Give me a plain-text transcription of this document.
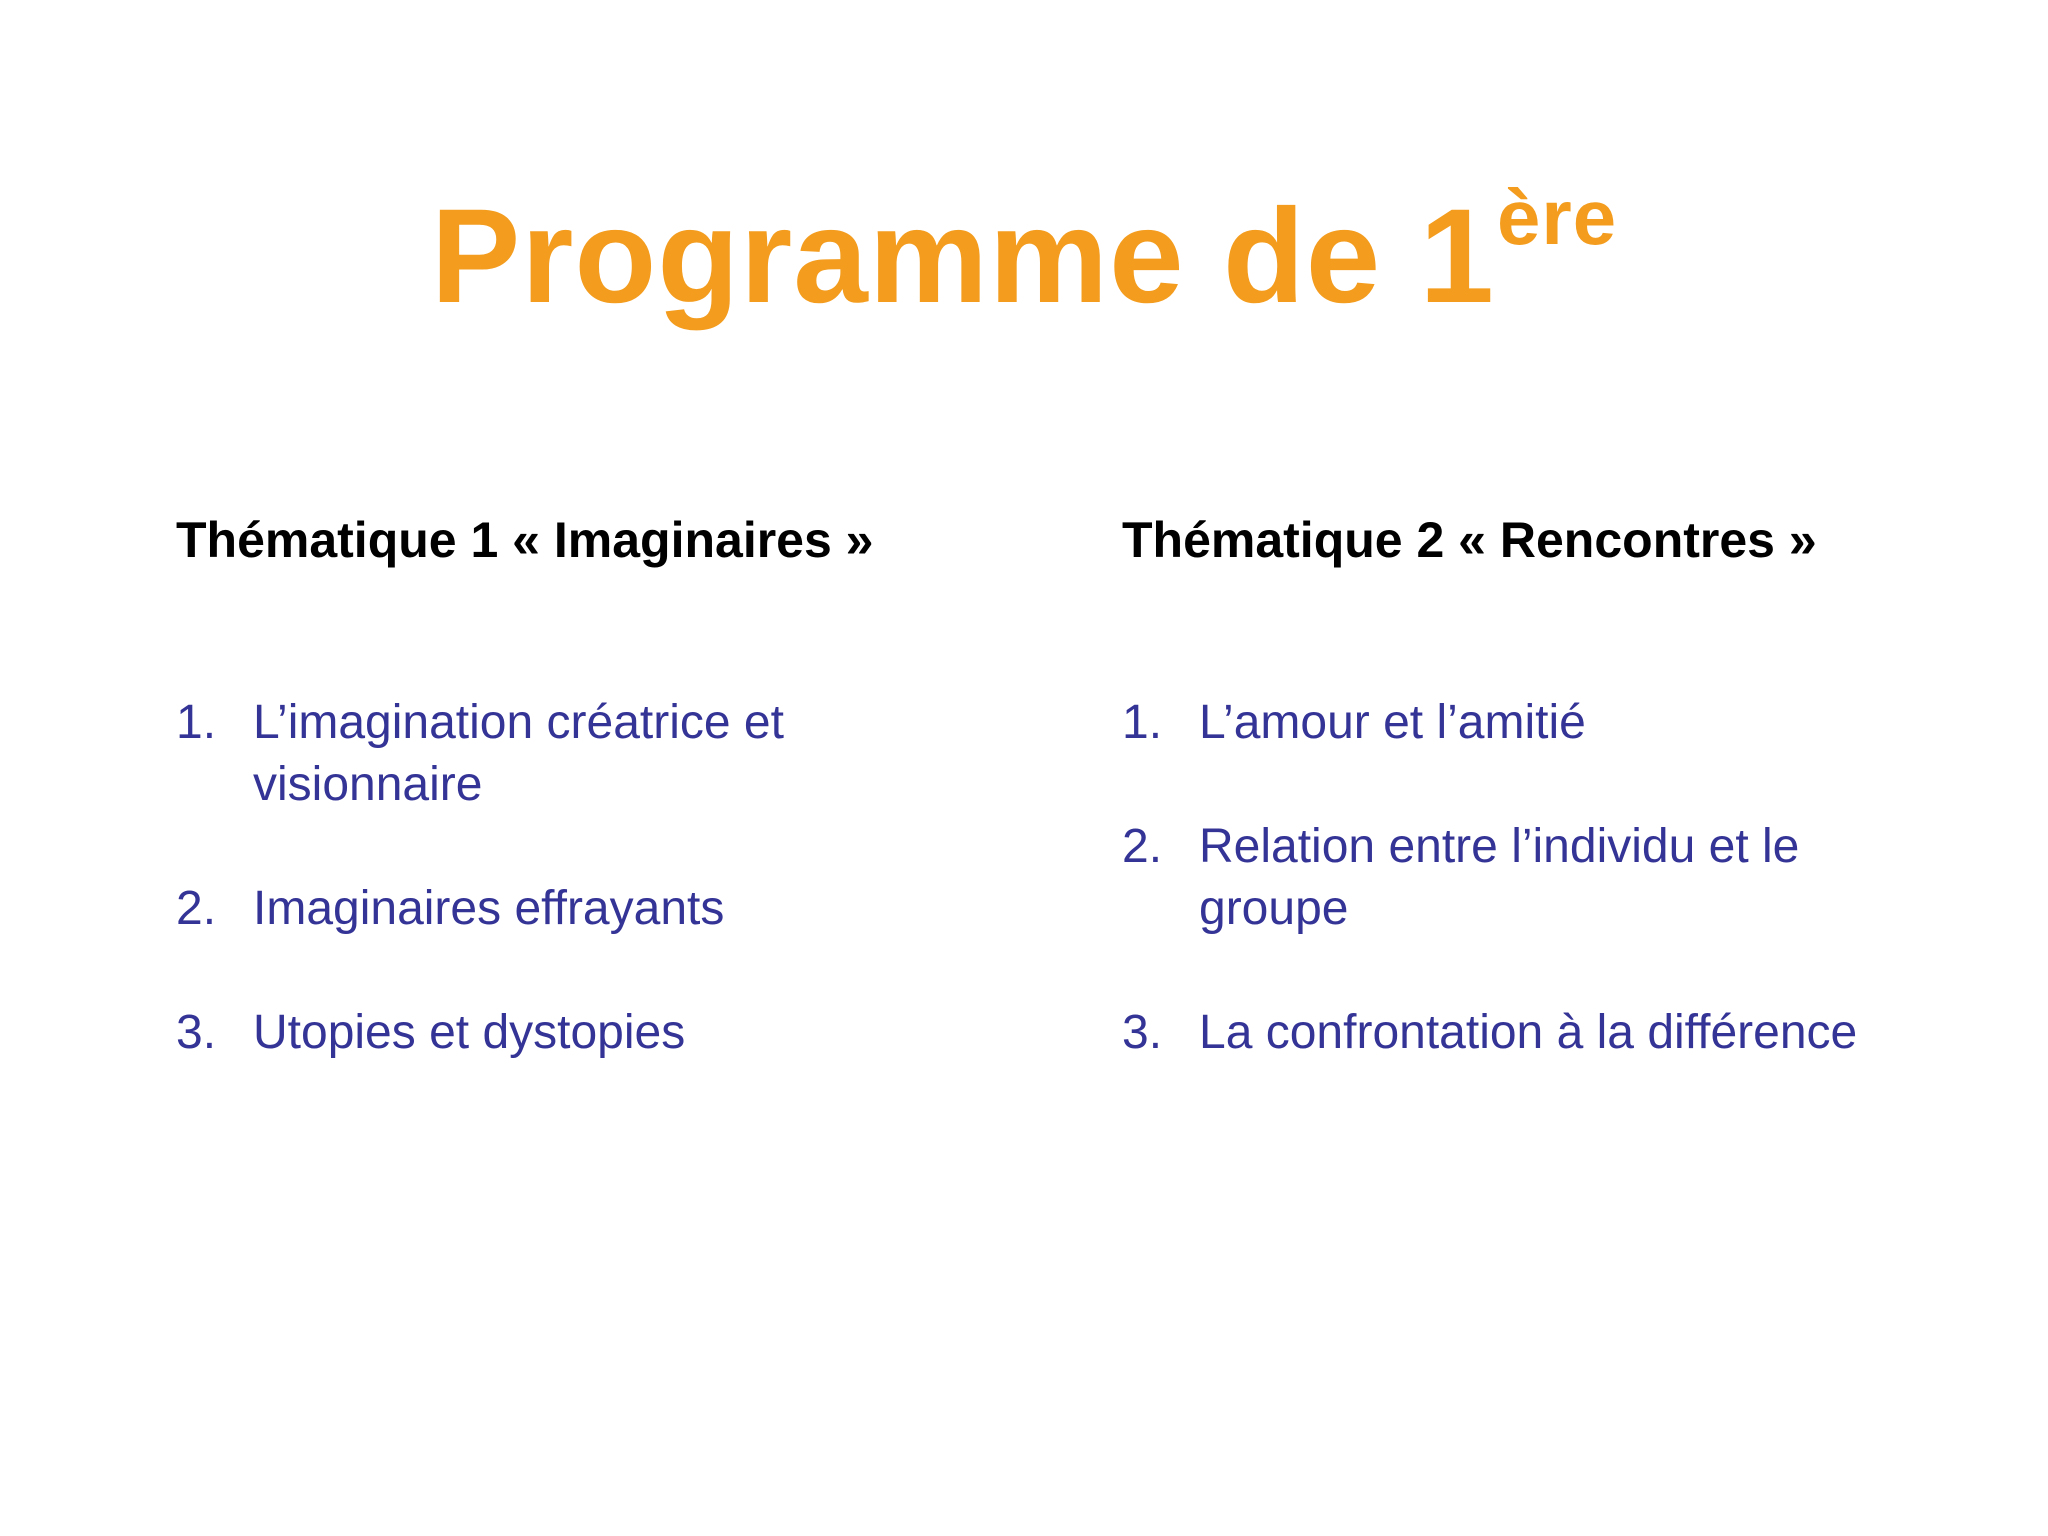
Programme de 1ère
Thématique 1 « Imaginaires »
1. L’imagination créatrice et visionnaire
2. Imaginaires effrayants
3. Utopies et dystopies
Thématique 2 « Rencontres »
1. L’amour et l’amitié
2. Relation entre l’individu et le groupe
3. La confrontation à la différence
